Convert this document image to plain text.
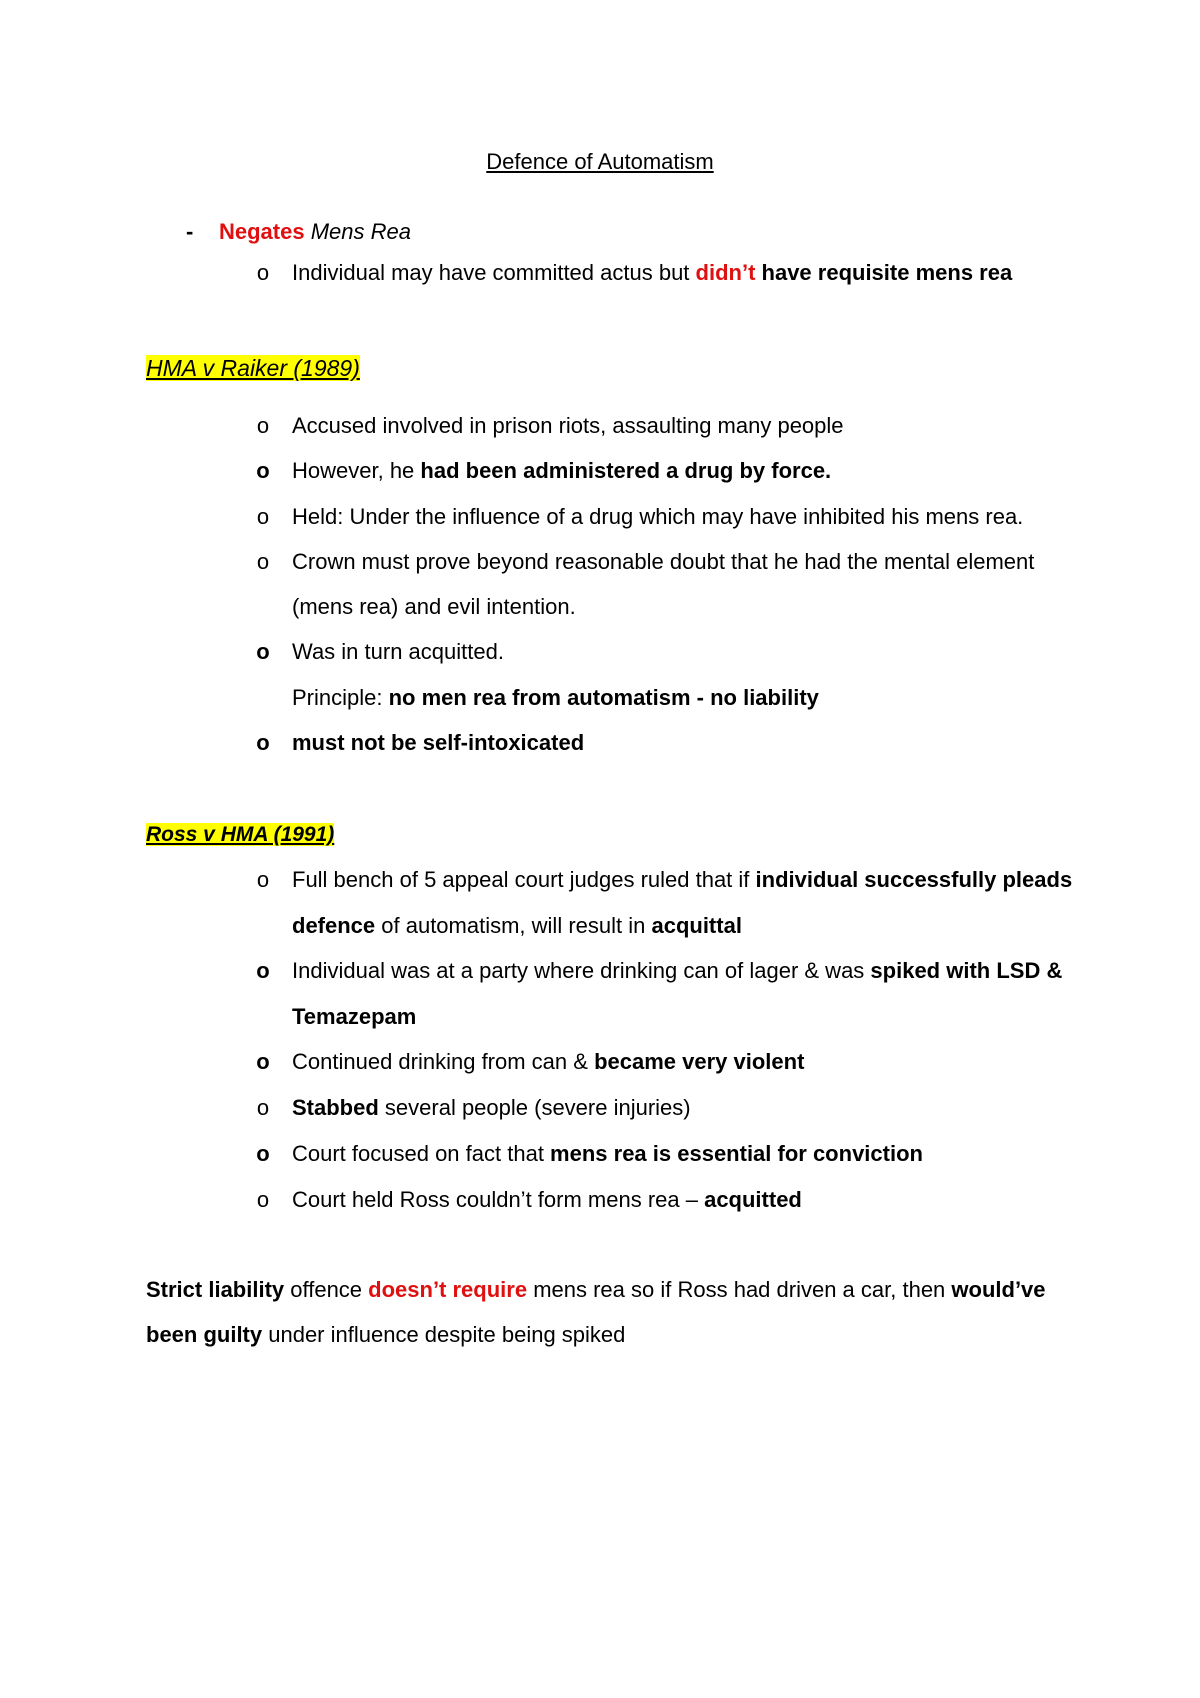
Defence of Automatism
- Negates Mens Rea
o Individual may have committed actus but didn’t have requisite mens rea
HMA v Raiker (1989)
o Accused involved in prison riots, assaulting many people
o However, he had been administered a drug by force.
o Held: Under the influence of a drug which may have inhibited his mens rea.
o Crown must prove beyond reasonable doubt that he had the mental element
(mens rea) and evil intention.
o Was in turn acquitted.
Principle: no men rea from automatism - no liability
o must not be self-intoxicated
Ross v HMA (1991)
o Full bench of 5 appeal court judges ruled that if individual successfully pleads
defence of automatism, will result in acquittal
o Individual was at a party where drinking can of lager & was spiked with LSD &
Temazepam
o Continued drinking from can & became very violent
o Stabbed several people (severe injuries)
o Court focused on fact that mens rea is essential for conviction
o Court held Ross couldn’t form mens rea – acquitted
Strict liability offence doesn’t require mens rea so if Ross had driven a car, then would’ve
been guilty under influence despite being spiked
